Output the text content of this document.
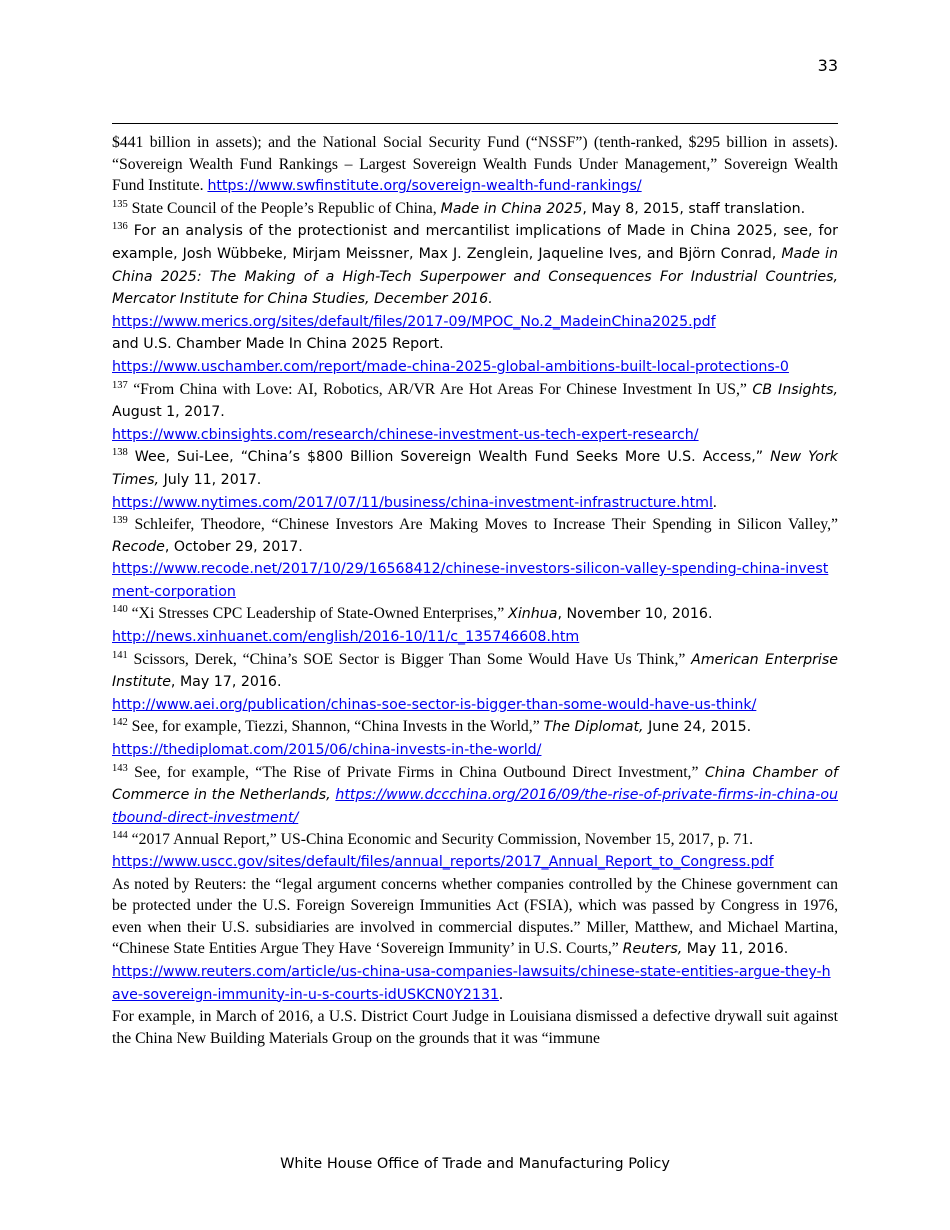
33

$441 billion in assets); and the National Social Security Fund (“NSSF”) (tenth-ranked, $295 billion in assets). “Sovereign Wealth Fund Rankings – Largest Sovereign Wealth Funds Under Management,” Sovereign Wealth Fund Institute. https://www.swfinstitute.org/sovereign-wealth-fund-rankings/

$^{135}$ State Council of the People’s Republic of China, Made in China 2025, May 8, 2015, staff translation.

$^{136}$ For an analysis of the protectionist and mercantilist implications of Made in China 2025, see, for example, Josh Wübbeke, Mirjam Meissner, Max J. Zenglein, Jaqueline Ives, and Björn Conrad, Made in China 2025: The Making of a High-Tech Superpower and Consequences For Industrial Countries, Mercator Institute for China Studies, December 2016.

https://www.merics.org/sites/default/files/2017-09/MPOC_No.2_MadeinChina2025.pdf

and U.S. Chamber Made In China 2025 Report.

https://www.uschamber.com/report/made-china-2025-global-ambitions-built-local-protections-0

$^{137}$ “From China with Love: AI, Robotics, AR/VR Are Hot Areas For Chinese Investment In US,” CB Insights, August 1, 2017.

https://www.cbinsights.com/research/chinese-investment-us-tech-expert-research/

$^{138}$ Wee, Sui-Lee, “China’s $800 Billion Sovereign Wealth Fund Seeks More U.S. Access,” New York Times, July 11, 2017.

https://www.nytimes.com/2017/07/11/business/china-investment-infrastructure.html.

$^{139}$ Schleifer, Theodore, “Chinese Investors Are Making Moves to Increase Their Spending in Silicon Valley,” Recode, October 29, 2017.

https://www.recode.net/2017/10/29/16568412/chinese-investors-silicon-valley-spending-china-investment-corporation

$^{140}$ “Xi Stresses CPC Leadership of State-Owned Enterprises,” Xinhua, November 10, 2016.

http://news.xinhuanet.com/english/2016-10/11/c_135746608.htm

$^{141}$ Scissors, Derek, “China’s SOE Sector is Bigger Than Some Would Have Us Think,” American Enterprise Institute, May 17, 2016.

http://www.aei.org/publication/chinas-soe-sector-is-bigger-than-some-would-have-us-think/

$^{142}$ See, for example, Tiezzi, Shannon, “China Invests in the World,” The Diplomat, June 24, 2015.

https://thediplomat.com/2015/06/china-invests-in-the-world/

$^{143}$ See, for example, “The Rise of Private Firms in China Outbound Direct Investment,” China Chamber of Commerce in the Netherlands, https://www.dccchina.org/2016/09/the-rise-of-private-firms-in-china-outbound-direct-investment/

$^{144}$ “2017 Annual Report,” US-China Economic and Security Commission, November 15, 2017, p. 71.

https://www.uscc.gov/sites/default/files/annual_reports/2017_Annual_Report_to_Congress.pdf

As noted by Reuters: the “legal argument concerns whether companies controlled by the Chinese government can be protected under the U.S. Foreign Sovereign Immunities Act (FSIA), which was passed by Congress in 1976, even when their U.S. subsidiaries are involved in commercial disputes.” Miller, Matthew, and Michael Martina, “Chinese State Entities Argue They Have ‘Sovereign Immunity’ in U.S. Courts,” Reuters, May 11, 2016.

https://www.reuters.com/article/us-china-usa-companies-lawsuits/chinese-state-entities-argue-they-have-sovereign-immunity-in-u-s-courts-idUSKCN0Y2131.

For example, in March of 2016, a U.S. District Court Judge in Louisiana dismissed a defective drywall suit against the China New Building Materials Group on the grounds that it was “immune

White House Office of Trade and Manufacturing Policy
